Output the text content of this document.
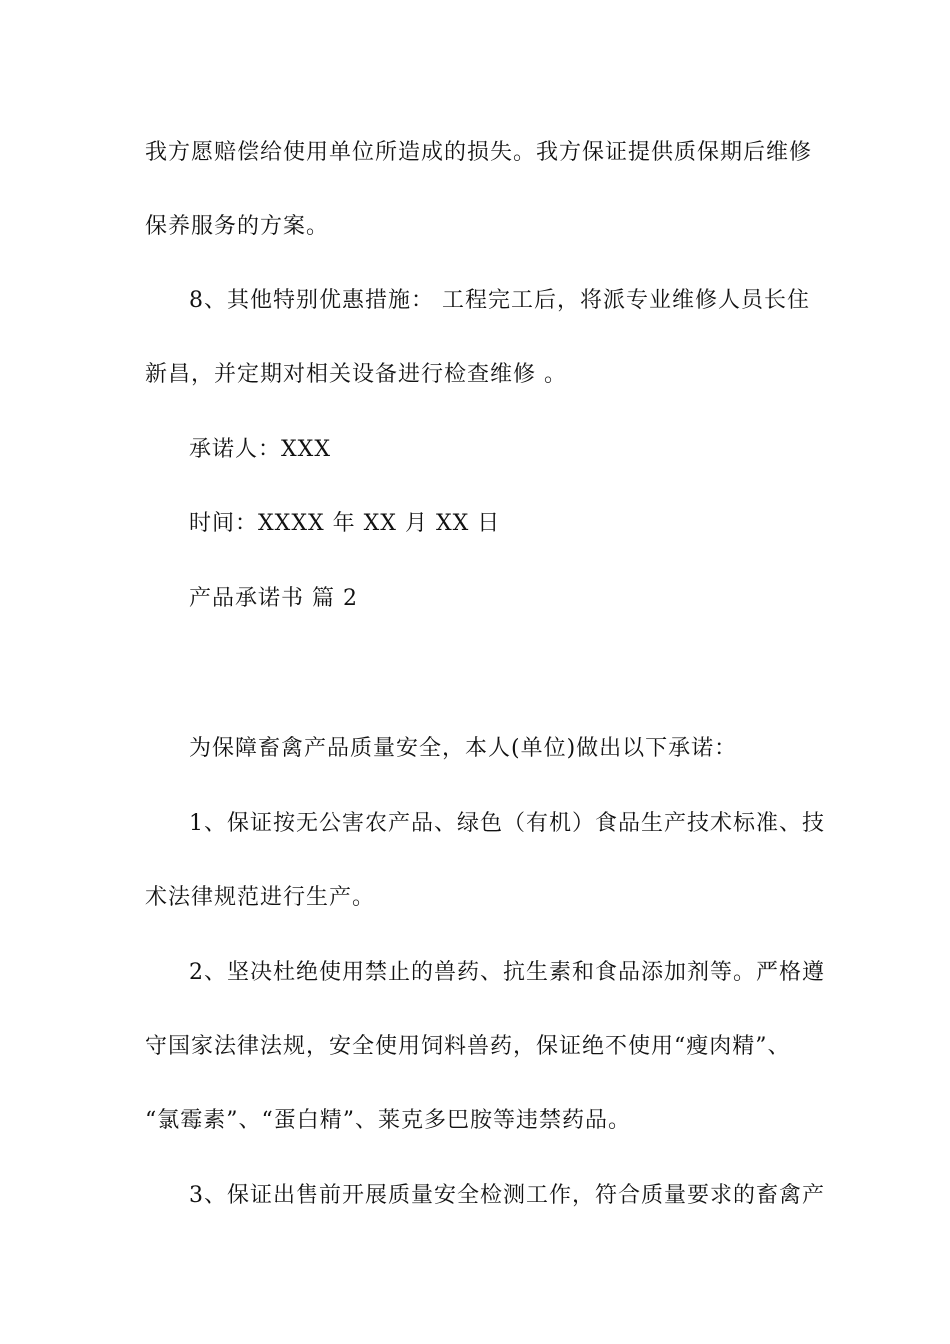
我方愿赔偿给使用单位所造成的损失。我方保证提供质保期后维修
保养服务的方案。
8、其他特别优惠措施： 工程完工后，将派专业维修人员长住
新昌，并定期对相关设备进行检查维修 。
承诺人：XXX
时间：XXXX 年 XX 月 XX 日
产品承诺书 篇 2
为保障畜禽产品质量安全，本人(单位)做出以下承诺：
1、保证按无公害农产品、绿色（有机）食品生产技术标准、技
术法律规范进行生产。
2、坚决杜绝使用禁止的兽药、抗生素和食品添加剂等。严格遵
守国家法律法规，安全使用饲料兽药，保证绝不使用“瘦肉精”、
“氯霉素”、“蛋白精”、莱克多巴胺等违禁药品。
3、保证出售前开展质量安全检测工作，符合质量要求的畜禽产
